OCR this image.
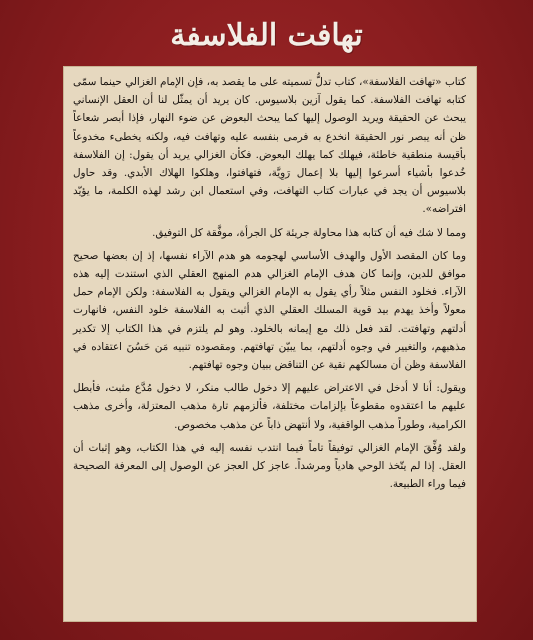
تهافت الفلاسفة

كتاب «تهافت الفلاسفة»، كتاب تدلُّ تسميته على ما يقصد به، فإن الإمام الغزالي حينما سمّى كتابه تهافت الفلاسفة. كما يقول آزين بلاسيوس. كان يريد أن يمثّل لنا أن العقل الإنساني يبحث عن الحقيقة ويريد الوصول إليها كما يبحث البعوض عن ضوء النهار، فإذا أبصر شعاعاً ظن أنه يبصر نور الحقيقة انخدع به فرمى بنفسه عليه وتهافت فيه، ولكنه يخطىء مخدوعاً بأقيسة منطقية خاطئة، فيهلك كما يهلك البعوض. فكأن الغزالي يريد أن يقول: إن الفلاسفة خُدعوا بأشياء أسرعوا إليها بلا إعمال رَوِيَّة، فتهافتوا، وهلكوا الهلاك الأبدي. وقد حاول بلاسيوس أن يجد في عبارات كتاب التهافت، وفي استعمال ابن رشد لهذه الكلمة، ما يؤيّد افتراضه».

ومما لا شك فيه أن كتابه هذا محاولة جريئة كل الجرأة، موفَّقة كل التوفيق.

وما كان المقصد الأول والهدف الأساسي لهجومه هو هدم الآراء نفسها، إذ إن بعضها صحيح موافق للدين، وإنما كان هدف الإمام الغزالي هدم المنهج العقلي الذي استندت إليه هذه الآراء. فخلود النفس مثلاً رأي يقول به الإمام الغزالي ويقول به الفلاسفة: ولكن الإمام حمل معولاً وأخذ يهدم بيد قوية المسلك العقلي الذي أثبت به الفلاسفة خلود النفس، فانهارت أدلتهم وتهافتت. لقد فعل ذلك مع إيمانه بالخلود. وهو لم يلتزم في هذا الكتاب إلا تكدير مذهبهم، والتغيير في وجوه أدلتهم، بما يبيّن تهافتهم. ومقصوده تنبيه مَن حَسُنَ اعتقاده في الفلاسفة وظن أن مسالكهم نقية عن التناقض ببيان وجوه تهافتهم.

ويقول: أنا لا أدخل في الاعتراض عليهم إلا دخول طالب منكر، لا دخول مُدَّع مثبت، فأبطل عليهم ما اعتقدوه مقطوعاً بإلزامات مختلفة، فألزمهم تارة مذهب المعتزلة، وأخرى مذهب الكرامية، وطوراً مذهب الواقفية، ولا أنتهض ذاباً عن مذهب مخصوص.

ولقد وُفِّقَ الإمام الغزالي توفيقاً تاماً فيما انتدب نفسه إليه في هذا الكتاب، وهو إثبات أن العقل. إذا لم يتّخذ الوحي هادياً ومرشداً. عاجز كل العجز عن الوصول إلى المعرفة الصحيحة فيما وراء الطبيعة.
